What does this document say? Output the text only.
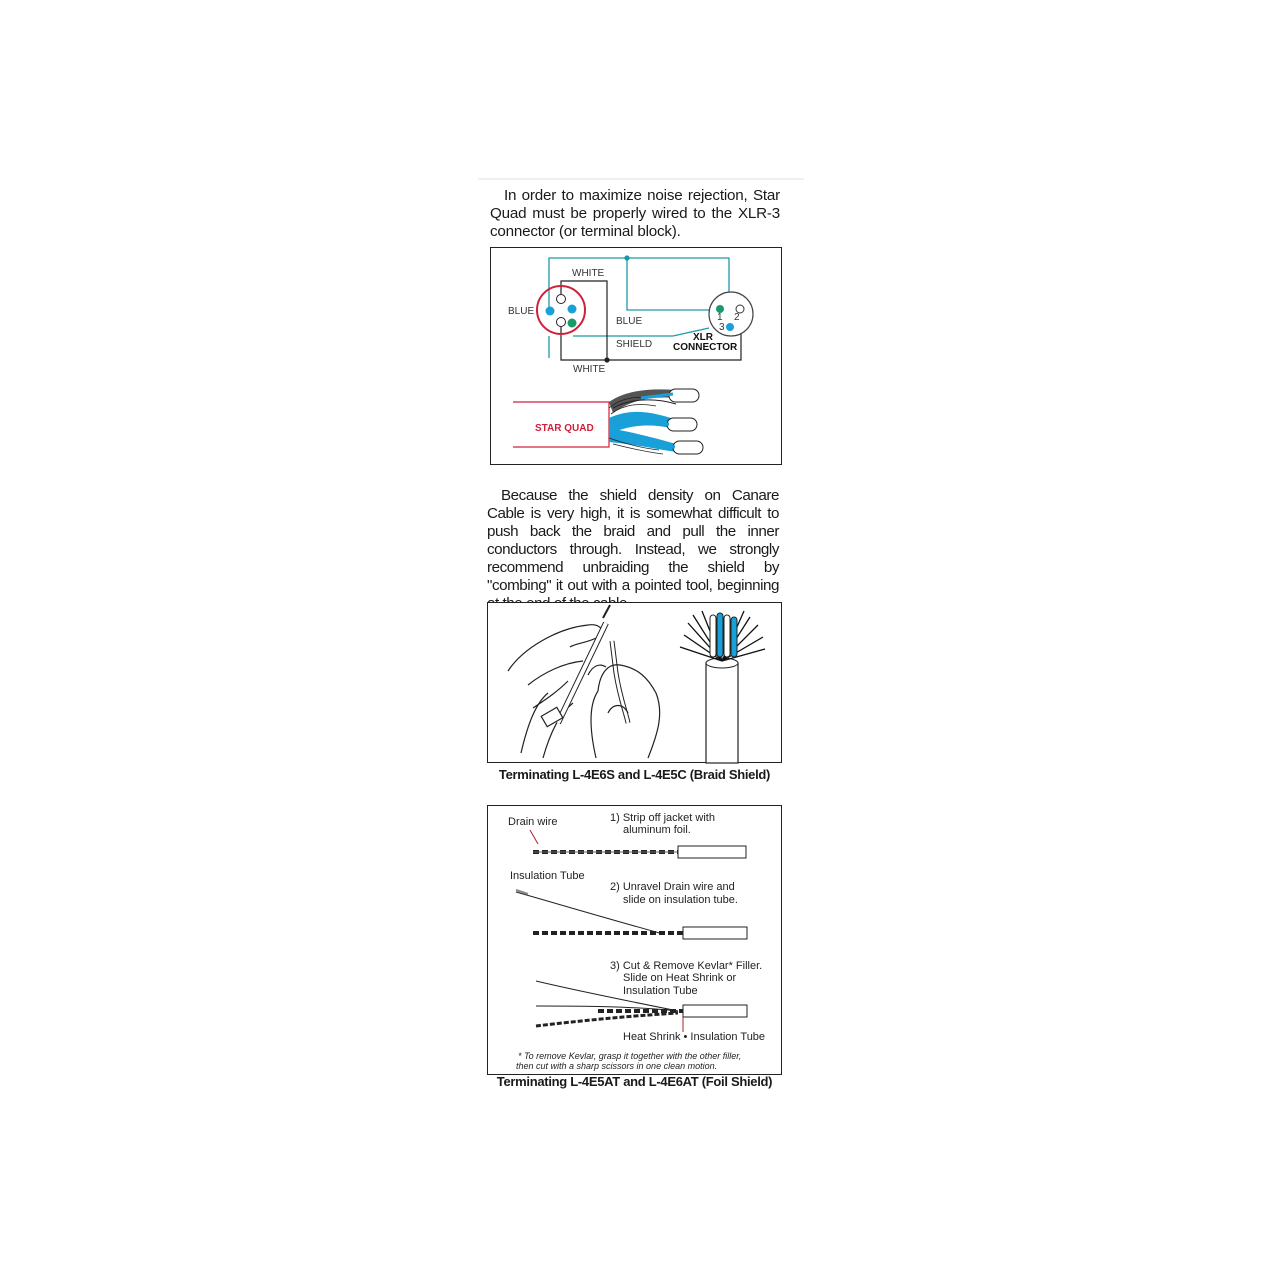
In order to maximize noise rejection, Star Quad must be properly wired to the XLR-3 connector (or terminal block).

1 2
3
WHITE
BLUE
BLUE
SHIELD
WHITE
XLR
CONNECTOR
STAR QUAD

Because the shield density on Canare Cable is very high, it is somewhat difficult to push back the braid and pull the inner conductors through. Instead, we strongly recommend unbraiding the shield by "combing" it out with a pointed tool, beginning

Terminating L-4E6S and L-4E5C (Braid Shield)
Drain wire	1) Strip off jacket with
aluminum foil.
Insulation Tube
2) Unravel Drain wire and
slide on insulation tube.
3) Cut & Remove Kevlar* Filler.
Slide on Heat Shrink or
Insulation Tube
Heat Shrink • Insulation Tube
* To remove Kevlar, grasp it together with the other filler,
then cut with a sharp scissors in one clean motion.
Terminating L-4E5AT and L-4E6AT (Foil Shield)
